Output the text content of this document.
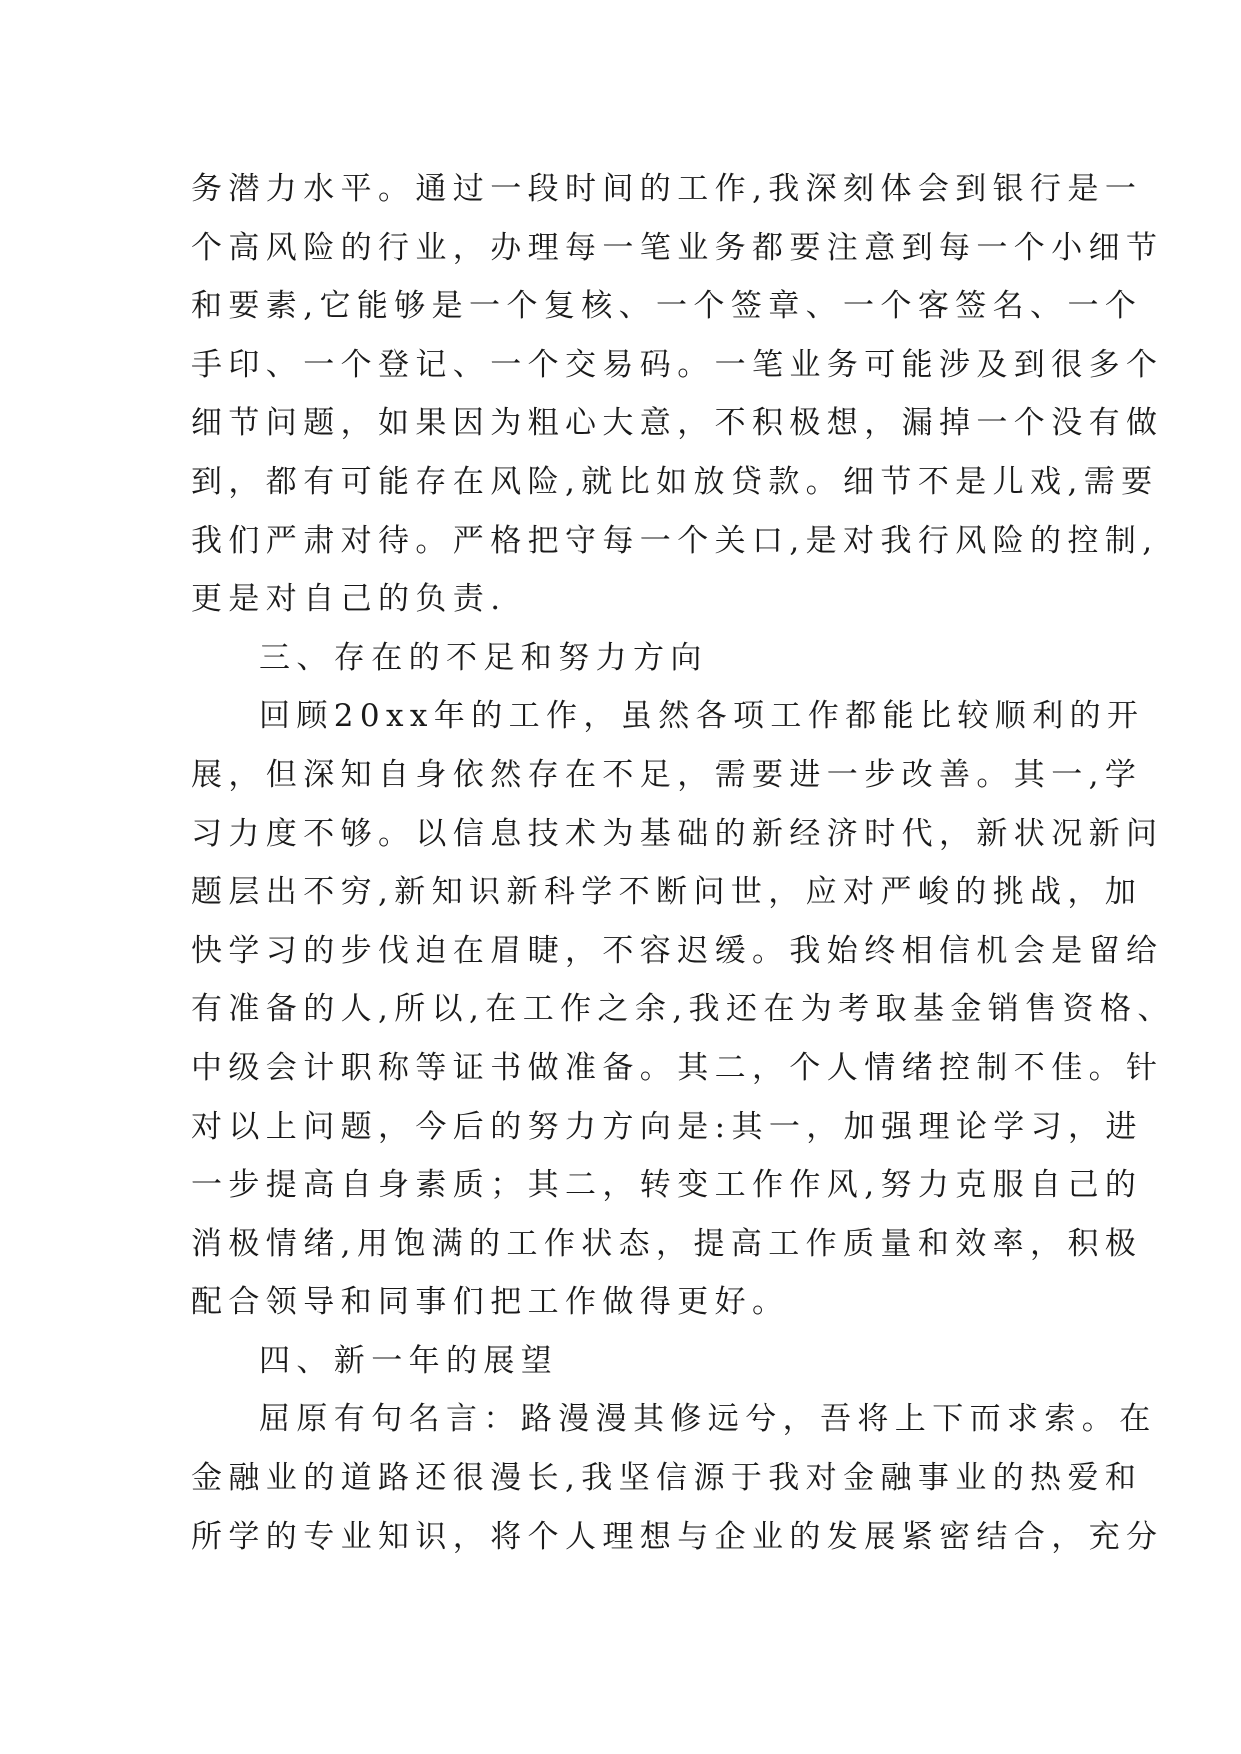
务潜力水平。通过一段时间的工作,我深刻体会到银行是一
个高风险的行业，办理每一笔业务都要注意到每一个小细节
和要素,它能够是一个复核、一个签章、一个客签名、一个
手印、一个登记、一个交易码。一笔业务可能涉及到很多个
细节问题，如果因为粗心大意，不积极想，漏掉一个没有做
到，都有可能存在风险,就比如放贷款。细节不是儿戏,需要
我们严肃对待。严格把守每一个关口,是对我行风险的控制,
更是对自己的负责.
三、存在的不足和努力方向
回顾20xx年的工作，虽然各项工作都能比较顺利的开
展，但深知自身依然存在不足，需要进一步改善。其一,学
习力度不够。以信息技术为基础的新经济时代，新状况新问
题层出不穷,新知识新科学不断问世，应对严峻的挑战，加
快学习的步伐迫在眉睫，不容迟缓。我始终相信机会是留给
有准备的人,所以,在工作之余,我还在为考取基金销售资格、
中级会计职称等证书做准备。其二，个人情绪控制不佳。针
对以上问题，今后的努力方向是:其一，加强理论学习，进
一步提高自身素质；其二，转变工作作风,努力克服自己的
消极情绪,用饱满的工作状态，提高工作质量和效率，积极
配合领导和同事们把工作做得更好。
四、新一年的展望
屈原有句名言：路漫漫其修远兮，吾将上下而求索。在
金融业的道路还很漫长,我坚信源于我对金融事业的热爱和
所学的专业知识，将个人理想与企业的发展紧密结合，充分
